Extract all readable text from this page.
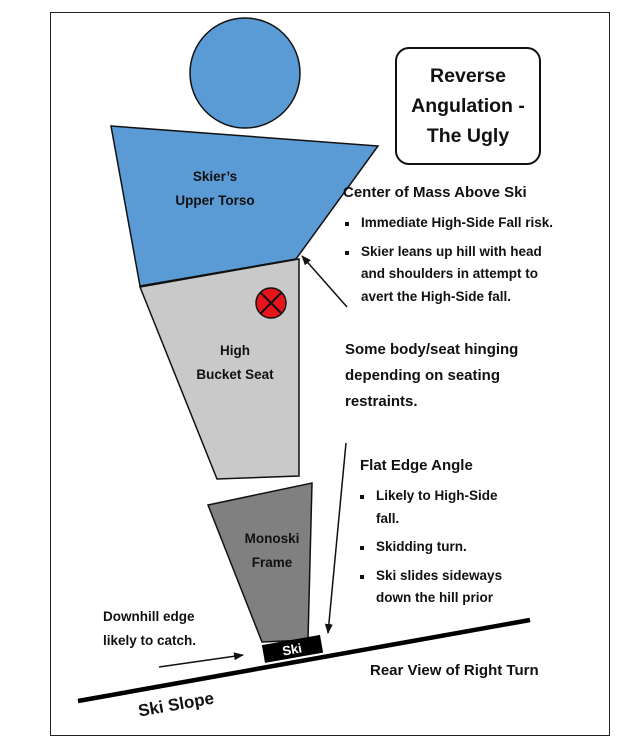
Ski
Ski Slope
Reverse
Angulation -
The Ugly
Skier’s
Upper Torso
High
Bucket Seat
Monoski
Frame
Center of Mass Above Ski
Immediate High-Side Fall risk.
Skier leans up hill with head
and shoulders in attempt to
avert the High-Side fall.
Some body/seat hinging
depending on seating
restraints.
Flat Edge Angle
Likely to High-Side
fall.
Skidding turn.
Ski slides sideways
down the hill prior
Downhill edge
likely to catch.
Rear View of Right Turn
